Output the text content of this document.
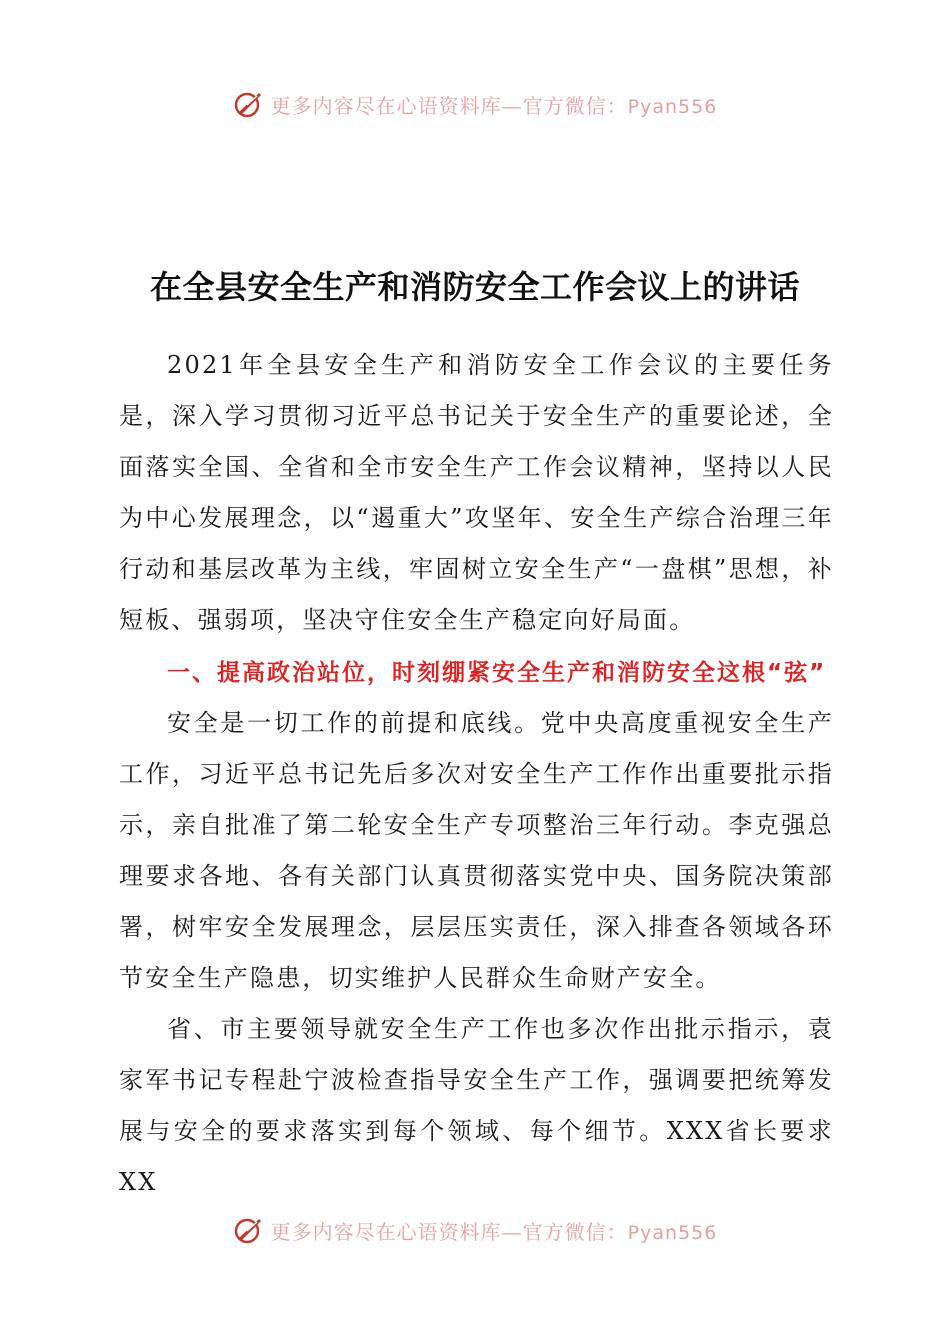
更多内容尽在心语资料库—官方微信：Pyan556
在全县安全生产和消防安全工作会议上的讲话

2021年全县安全生产和消防安全工作会议的主要任务是，深入学习贯彻习近平总书记关于安全生产的重要论述，全面落实全国、全省和全市安全生产工作会议精神，坚持以人民为中心发展理念，以“遏重大”攻坚年、安全生产综合治理三年行动和基层改革为主线，牢固树立安全生产“一盘棋”思想，补短板、强弱项，坚决守住安全生产稳定向好局面。

一、提高政治站位，时刻绷紧安全生产和消防安全这根“弦”

安全是一切工作的前提和底线。党中央高度重视安全生产工作，习近平总书记先后多次对安全生产工作作出重要批示指示，亲自批准了第二轮安全生产专项整治三年行动。李克强总理要求各地、各有关部门认真贯彻落实党中央、国务院决策部署，树牢安全发展理念，层层压实责任，深入排查各领域各环节安全生产隐患，切实维护人民群众生命财产安全。

省、市主要领导就安全生产工作也多次作出批示指示，袁家军书记专程赴宁波检查指导安全生产工作，强调要把统筹发展与安全的要求落实到每个领域、每个细节。XXX省长要求XX

更多内容尽在心语资料库—官方微信：Pyan556
